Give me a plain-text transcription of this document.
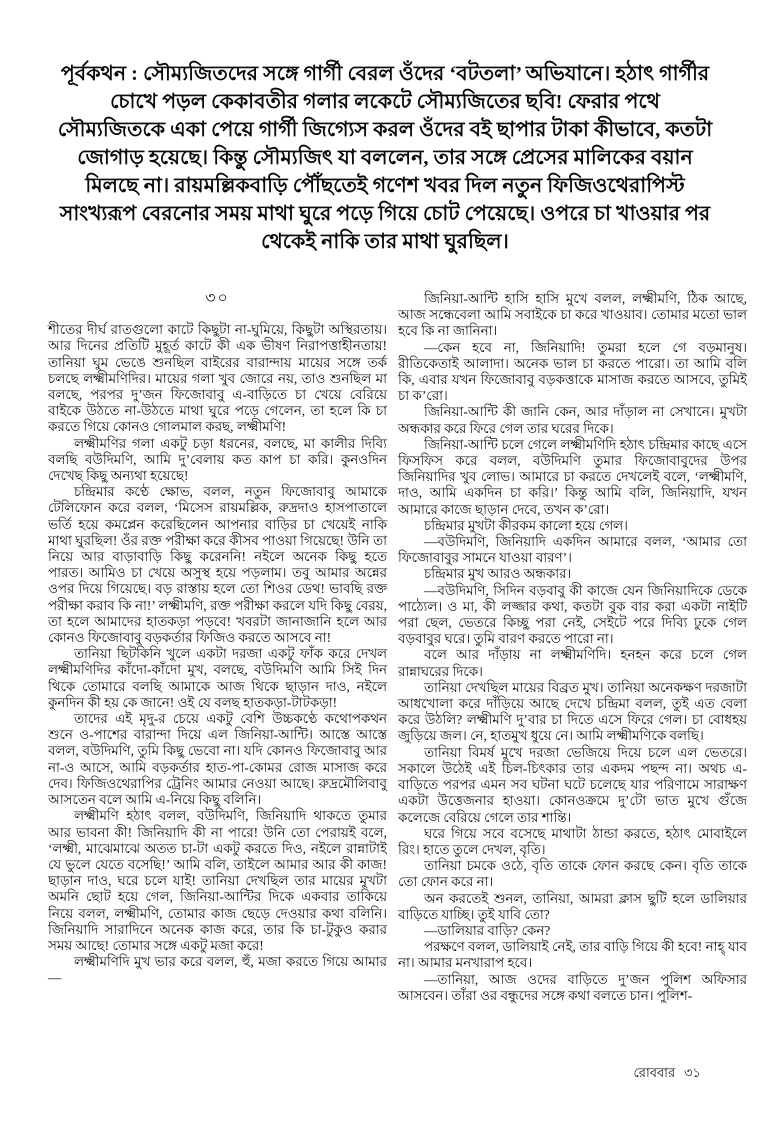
পূর্বকথন : সৌম্যজিতদের সঙ্গে গার্গী বেরল ওঁদের ‘বটতলা’ অভিযানে। হঠাৎ গার্গীর চোখে পড়ল কেকাবতীর গলার লকেটে সৌম্যজিতের ছবি! ফেরার পথে সৌম্যজিতকে একা পেয়ে গার্গী জিগ্যেস করল ওঁদের বই ছাপার টাকা কীভাবে, কতটা জোগাড় হয়েছে। কিন্তু সৌম্যজিৎ যা বললেন, তার সঙ্গে প্রেসের মালিকের বয়ান মিলছে না। রায়মল্লিকবাড়ি পৌঁছতেই গণেশ খবর দিল নতুন ফিজিওথেরাপিস্ট সাংখ্যরূপ বেরনোর সময় মাথা ঘুরে পড়ে গিয়ে চোট পেয়েছে। ওপরে চা খাওয়ার পর থেকেই নাকি তার মাথা ঘুরছিল।
৩০

শীতের দীর্ঘ রাতগুলো কাটে কিছুটা না-ঘুমিয়ে, কিছুটা অস্থিরতায়। আর দিনের প্রতিটি মুহূর্ত কাটে কী এক ভীষণ নিরাপত্তাহীনতায়! তানিয়া ঘুম ভেঙে শুনছিল বাইরের বারান্দায় মায়ের সঙ্গে তর্ক চলছে লক্ষ্মীমণিদির। মায়ের গলা খুব জোরে নয়, তাও শুনছিল মা বলছে, পরপর দু’জন ফিজোবাবু এ-বাড়িতে চা খেয়ে বেরিয়ে বাইকে উঠতে না-উঠতে মাথা ঘুরে পড়ে গেলেন, তা হলে কি চা করতে গিয়ে কোনও গোলমাল করছ, লক্ষ্মীমণি!

লক্ষ্মীমণির গলা একটু চড়া ধরনের, বলছে, মা কালীর দিব্যি বলছি বউদিমণি, আমি দু’বেলায় কত কাপ চা করি। কুনওদিন দেখেছ কিছু অন্যথা হয়েছে!

চন্দ্রিমার কণ্ঠে ক্ষোভ, বলল, নতুন ফিজোবাবু আমাকে টেলিফোন করে বলল, ‘মিসেস রায়মল্লিক, রুদ্রদাও হাসপাতালে ভর্তি হয়ে কমপ্লেন করেছিলেন আপনার বাড়ির চা খেয়েই নাকি মাথা ঘুরছিল! ওঁর রক্ত পরীক্ষা করে কীসব পাওয়া গিয়েছে! উনি তা নিয়ে আর বাড়াবাড়ি কিছু করেননি! নইলে অনেক কিছু হতে পারত। আমিও চা খেয়ে অসুস্থ হয়ে পড়লাম। তবু আমার অন্নের ওপর দিয়ে গিয়েছে। বড় রাস্তায় হলে তো শিওর ডেথ! ভাবছি রক্ত পরীক্ষা করাব কি না!’ লক্ষ্মীমণি, রক্ত পরীক্ষা করলে যদি কিছু বেরয়, তা হলে আমাদের হাতকড়া পড়বে! খবরটা জানাজানি হলে আর কোনও ফিজোবাবু বড়কর্তার ফিজিও করতে আসবে না!

তানিয়া ছিটকিনি খুলে একটা দরজা একটু ফাঁক করে দেখল লক্ষ্মীমণিদির কাঁদো-কাঁদো মুখ, বলছে, বউদিমণি আমি সিই দিন থিকে তোমারে বলছি আমাকে আজ থিকে ছাড়ান দাও, নইলে কুনদিন কী হয় কে জানে! ওই যে বলছ হাতকড়া-টাটকড়া!

তাদের এই মৃদু-র চেয়ে একটু বেশি উচ্চকণ্ঠে কথোপকথন শুনে ও-পাশের বারান্দা দিয়ে এল জিনিয়া-আন্টি। আস্তে আস্তে বলল, বউদিমণি, তুমি কিছু ভেবো না। যদি কোনও ফিজোবাবু আর না-ও আসে, আমি বড়কর্তার হাত-পা-কোমর রোজ মাসাজ করে দেব। ফিজিওথেরাপির ট্রেনিং আমার নেওয়া আছে। রুদ্রমৌলিবাবু আসতেন বলে আমি এ-নিয়ে কিছু বলিনি।

লক্ষ্মীমণি হঠাৎ বলল, বউদিমণি, জিনিয়াদি থাকতে তুমার আর ভাবনা কী! জিনিয়াদি কী না পারে! উনি তো পেরায়ই বলে, ‘লক্ষ্মী, মাঝেমাঝে অতত চা-টা একটু করতে দিও, নইলে রান্নাটাই যে ভুলে যেতে বসেছি!’ আমি বলি, তাইলে আমার আর কী কাজ! ছাড়ান দাও, ঘরে চলে যাই! তানিয়া দেখছিল তার মায়ের মুখটা অমনি ছোট হয়ে গেল, জিনিয়া-আন্টির দিকে একবার তাকিয়ে নিয়ে বলল, লক্ষ্মীমণি, তোমার কাজ ছেড়ে দেওয়ার কথা বলিনি। জিনিয়াদি সারাদিনে অনেক কাজ করে, তার কি চা-টুকুও করার সময় আছে! তোমার সঙ্গে একটু মজা করে!

লক্ষ্মীমণিদি মুখ ভার করে বলল, হুঁ, মজা করতে গিয়ে আমার—

জিনিয়া-আন্টি হাসি হাসি মুখে বলল, লক্ষ্মীমণি, ঠিক আছে, আজ সন্ধেবেলা আমি সবাইকে চা করে খাওয়াব। তোমার মতো ভাল হবে কি না জানিনা।

—কেন হবে না, জিনিয়াদি! তুমরা হলে গে বড়মানুষ। রীতিকেতাই আলাদা। অনেক ভাল চা করতে পারো। তা আমি বলি কি, এবার যখন ফিজোবাবু বড়কত্তাকে মাসাজ করতে আসবে, তুমিই চা ক’রো।

জিনিয়া-আন্টি কী জানি কেন, আর দাঁড়াল না সেখানে। মুখটা অন্ধকার করে ফিরে গেল তার ঘরের দিকে।

জিনিয়া-আন্টি চলে গেলে লক্ষ্মীমণিদি হঠাৎ চন্দ্রিমার কাছে এসে ফিসফিস করে বলল, বউদিমণি তুমার ফিজোবাবুদের উপর জিনিয়াদির খুব লোভ। আমারে চা করতে দেখলেই বলে, ‘লক্ষ্মীমণি, দাও, আমি একদিন চা করি।’ কিন্তু আমি বলি, জিনিয়াদি, যখন আমারে কাজে ছাড়ান দেবে, তখন ক’রো।

চন্দ্রিমার মুখটা কীরকম কালো হয়ে গেল।

—বউদিমণি, জিনিয়াদি একদিন আমারে বলল, ‘আমার তো ফিজোবাবুর সামনে যাওয়া বারণ’।

চন্দ্রিমার মুখ আরও অন্ধকার।

—বউদিমণি, সিদিন বড়বাবু কী কাজে যেন জিনিয়াদিকে ডেকে পাঠ্যেল। ও মা, কী লজ্জার কথা, কতটা বুক বার করা একটা নাইটি পরা ছেল, ভেতরে কিচ্ছু পরা নেই, সেইটে পরে দিব্যি ঢুকে গেল বড়বাবুর ঘরে। তুমি বারণ করতে পারো না।

বলে আর দাঁড়ায় না লক্ষ্মীমণিদি। হনহন করে চলে গেল রান্নাঘরের দিকে।

তানিয়া দেখছিল মায়ের বিব্রত মুখ। তানিয়া অনেকক্ষণ দরজাটা আধখোলা করে দাঁড়িয়ে আছে দেখে চন্দ্রিমা বলল, তুই এত বেলা করে উঠলি? লক্ষ্মীমণি দু’বার চা দিতে এসে ফিরে গেল। চা বোধহয় জুড়িয়ে জল। নে, হাতমুখ ধুয়ে নে। আমি লক্ষ্মীমণিকে বলছি।

তানিয়া বিমর্ষ মুখে দরজা ভেজিয়ে দিয়ে চলে এল ভেতরে। সকালে উঠেই এই চিল-চিৎকার তার একদম পছন্দ না। অথচ এ-বাড়িতে পরপর এমন সব ঘটনা ঘটে চলেছে যার পরিণামে সারাক্ষণ একটা উত্তেজনার হাওয়া। কোনওক্রমে দু’টো ভাত মুখে গুঁজে কলেজে বেরিয়ে গেলে তার শান্তি।

ঘরে গিয়ে সবে বসেছে মাথাটা ঠান্ডা করতে, হঠাৎ মোবাইলে রিং। হাতে তুলে দেখল, বৃতি।

তানিয়া চমকে ওঠে, বৃতি তাকে ফোন করছে কেন। বৃতি তাকে তো ফোন করে না।

অন করতেই শুনল, তানিয়া, আমরা ক্লাস ছুটি হলে ডালিয়ার বাড়িতে যাচ্ছি। তুই যাবি তো?

—ডালিয়ার বাড়ি? কেন?

পরক্ষণে বলল, ডালিয়াই নেই, তার বাড়ি গিয়ে কী হবে! নাহ্‌ যাব না। আমার মনখারাপ হবে।

—তানিয়া, আজ ওদের বাড়িতে দু’জন পুলিশ অফিসার আসবেন। তাঁরা ওর বন্ধুদের সঙ্গে কথা বলতে চান। পুলিশ-

রোববার ৩১
